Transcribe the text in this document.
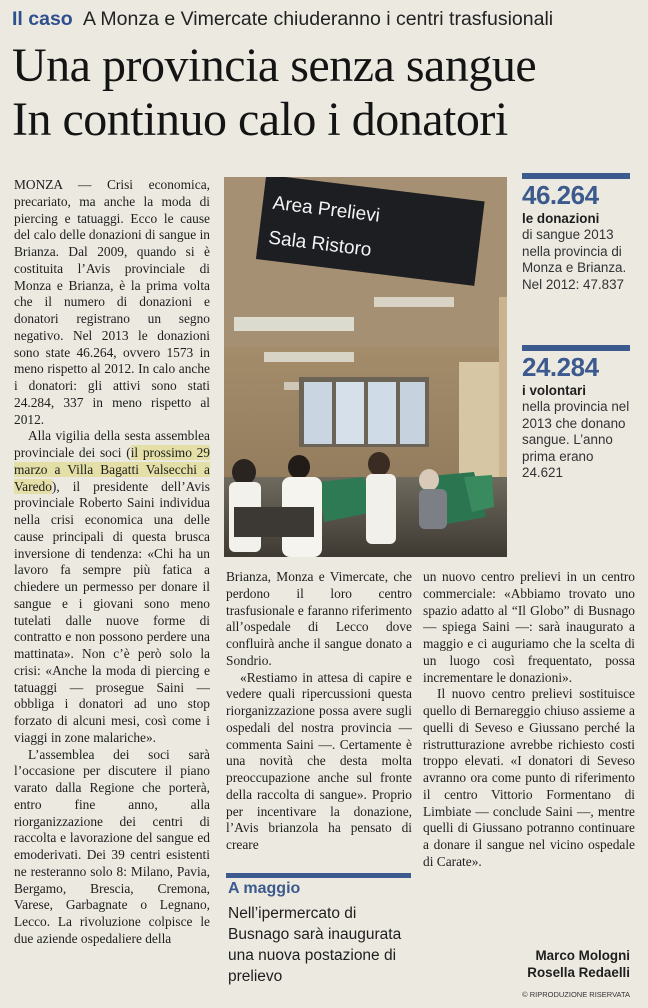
Il caso A Monza e Vimercate chiuderanno i centri trasfusionali
Una provincia senza sangue
In continuo calo i donatori

MONZA — Crisi economica, precariato, ma anche la moda di piercing e tatuaggi. Ecco le cause del calo delle donazioni di sangue in Brianza. Dal 2009, quando si è costituita l’Avis provinciale di Monza e Brianza, è la prima volta che il numero di donazioni e donatori registrano un segno negativo. Nel 2013 le donazioni sono state 46.264, ovvero 1573 in meno rispetto al 2012. In calo anche i donatori: gli attivi sono stati 24.284, 337 in meno rispetto al 2012.

Alla vigilia della sesta assemblea provinciale dei soci (il prossimo 29 marzo a Villa Bagatti Valsecchi a Varedo), il presidente dell’Avis provinciale Roberto Saini individua nella crisi economica una delle cause principali di questa brusca inversione di tendenza: «Chi ha un lavoro fa sempre più fatica a chiedere un permesso per donare il sangue e i giovani sono meno tutelati dalle nuove forme di contratto e non possono perdere una mattinata». Non c’è però solo la crisi: «Anche la moda di piercing e tatuaggi — prosegue Saini — obbliga i donatori ad uno stop forzato di alcuni mesi, così come i viaggi in zone malariche».

L’assemblea dei soci sarà l’occasione per discutere il piano varato dalla Regione che porterà, entro fine anno, alla riorganizzazione dei centri di raccolta e lavorazione del sangue ed emoderivati. Dei 39 centri esistenti ne resteranno solo 8: Milano, Pavia, Bergamo, Brescia, Cremona, Varese, Garbagnate o Legnano, Lecco. La rivoluzione colpisce le due aziende ospedaliere della

Area Prelievi
Sala Ristoro
46.264
le donazioni
di sangue 2013 nella provincia di Monza e Brianza. Nel 2012: 47.837
24.284
i volontari
nella provincia nel 2013 che donano sangue. L’anno prima erano 24.621

Brianza, Monza e Vimercate, che perdono il loro centro trasfusionale e faranno riferimento all’ospedale di Lecco dove confluirà anche il sangue donato a Sondrio.

«Restiamo in attesa di capire e vedere quali ripercussioni questa riorganizzazione possa avere sugli ospedali del nostra provincia — commenta Saini —. Certamente è una novità che desta molta preoccupazione anche sul fronte della raccolta di sangue». Proprio per incentivare la donazione, l’Avis brianzola ha pensato di creare

A maggio
Nell’ipermercato di Busnago sarà inaugurata una nuova postazione di prelievo

un nuovo centro prelievi in un centro commerciale: «Abbiamo trovato uno spazio adatto al “Il Globo” di Busnago — spiega Saini —: sarà inaugurato a maggio e ci auguriamo che la scelta di un luogo così frequentato, possa incrementare le donazioni».

Il nuovo centro prelievi sostituisce quello di Bernareggio chiuso assieme a quelli di Seveso e Giussano perché la ristrutturazione avrebbe richiesto costi troppo elevati. «I donatori di Seveso avranno ora come punto di riferimento il centro Vittorio Formentano di Limbiate — conclude Saini —, mentre quelli di Giussano potranno continuare a donare il sangue nel vicino ospedale di Carate».

Marco Mologni
Rosella Redaelli
© RIPRODUZIONE RISERVATA
